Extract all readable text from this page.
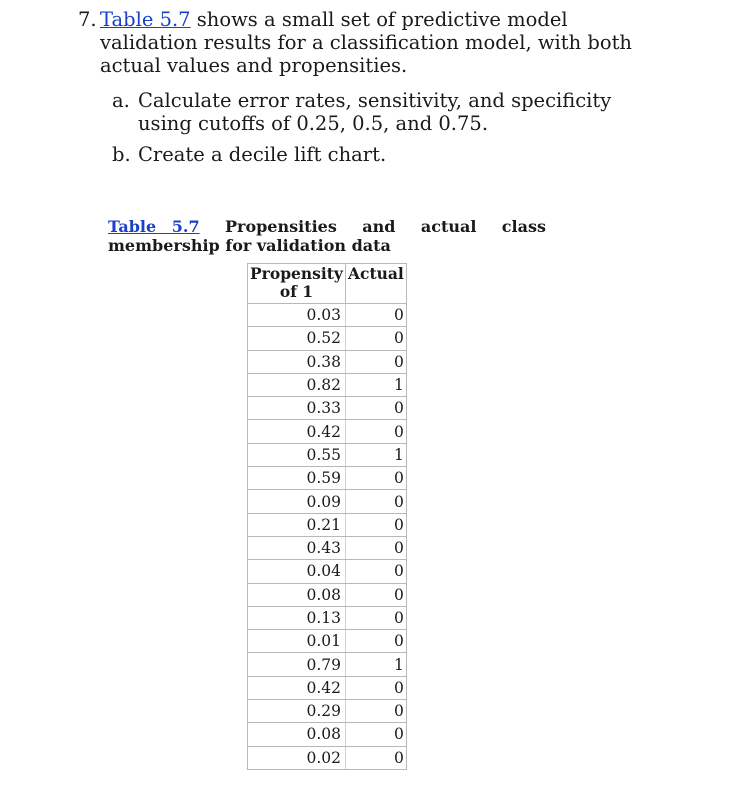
7. Table 5.7 shows a small set of predictive model validation results for a classification model, with both actual values and propensities.
a. Calculate error rates, sensitivity, and specificity using cutoffs of 0.25, 0.5, and 0.75.
b. Create a decile lift chart.
Table 5.7 Propensities and actual class
membership for validation data
Propensity of 1	Actual
0.03	0
0.52	0
0.38	0
0.82	1
0.33	0
0.42	0
0.55	1
0.59	0
0.09	0
0.21	0
0.43	0
0.04	0
0.08	0
0.13	0
0.01	0
0.79	1
0.42	0
0.29	0
0.08	0
0.02	0
